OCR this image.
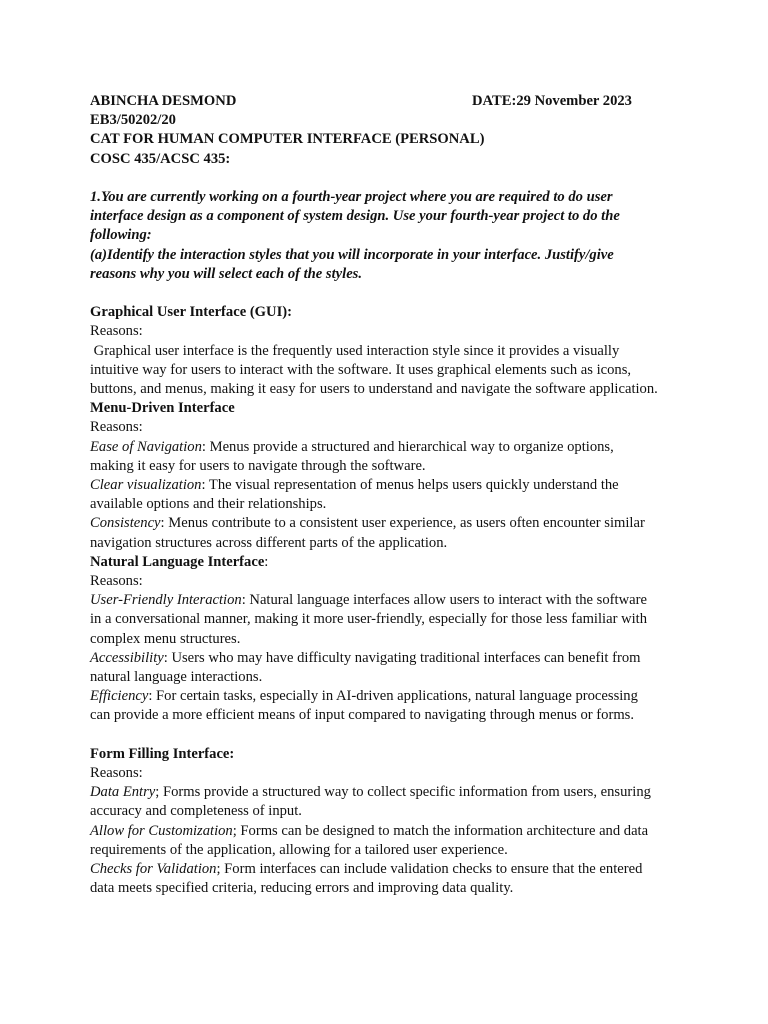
ABINCHA DESMOND	DATE:29 November 2023
EB3/50202/20
CAT FOR HUMAN COMPUTER INTERFACE (PERSONAL)
COSC 435/ACSC 435:
1.You are currently working on a fourth-year project where you are required to do user
interface design as a component of system design. Use your fourth-year project to do the
following:
(a)Identify the interaction styles that you will incorporate in your interface. Justify/give
reasons why you will select each of the styles.
Graphical User Interface (GUI):
Reasons:
Graphical user interface is the frequently used interaction style since it provides a visually
intuitive way for users to interact with the software. It uses graphical elements such as icons,
buttons, and menus, making it easy for users to understand and navigate the software application.
Menu-Driven Interface
Reasons:
Ease of Navigation: Menus provide a structured and hierarchical way to organize options,
making it easy for users to navigate through the software.
Clear visualization: The visual representation of menus helps users quickly understand the
available options and their relationships.
Consistency: Menus contribute to a consistent user experience, as users often encounter similar
navigation structures across different parts of the application.
Natural Language Interface:
Reasons:
User-Friendly Interaction: Natural language interfaces allow users to interact with the software
in a conversational manner, making it more user-friendly, especially for those less familiar with
complex menu structures.
Accessibility: Users who may have difficulty navigating traditional interfaces can benefit from
natural language interactions.
Efficiency: For certain tasks, especially in AI-driven applications, natural language processing
can provide a more efficient means of input compared to navigating through menus or forms.
Form Filling Interface:
Reasons:
Data Entry; Forms provide a structured way to collect specific information from users, ensuring
accuracy and completeness of input.
Allow for Customization; Forms can be designed to match the information architecture and data
requirements of the application, allowing for a tailored user experience.
Checks for Validation; Form interfaces can include validation checks to ensure that the entered
data meets specified criteria, reducing errors and improving data quality.
